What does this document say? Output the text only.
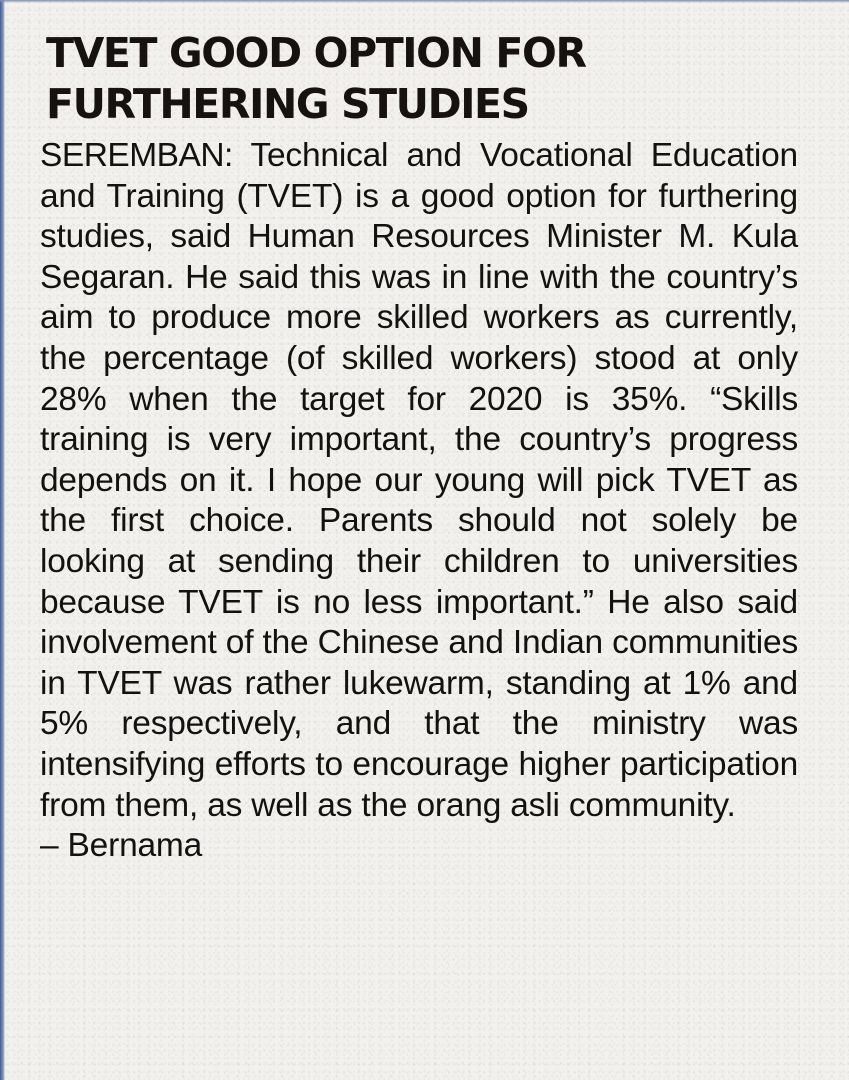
TVET GOOD OPTION FOR FURTHERING STUDIES

SEREMBAN: Technical and Vocational Education and Training (TVET) is a good option for furthering studies, said Human Resources Minister M. Kula Segaran. He said this was in line with the country’s aim to produce more skilled workers as currently, the percentage (of skilled workers) stood at only 28% when the target for 2020 is 35%. “Skills training is very important, the country’s progress depends on it. I hope our young will pick TVET as the first choice. Parents should not solely be looking at sending their children to universities because TVET is no less important.” He also said involvement of the Chinese and Indian communities in TVET was rather lukewarm, standing at 1% and 5% respectively, and that the ministry was intensifying efforts to encourage higher participation from them, as well as the orang asli community.
– Bernama
